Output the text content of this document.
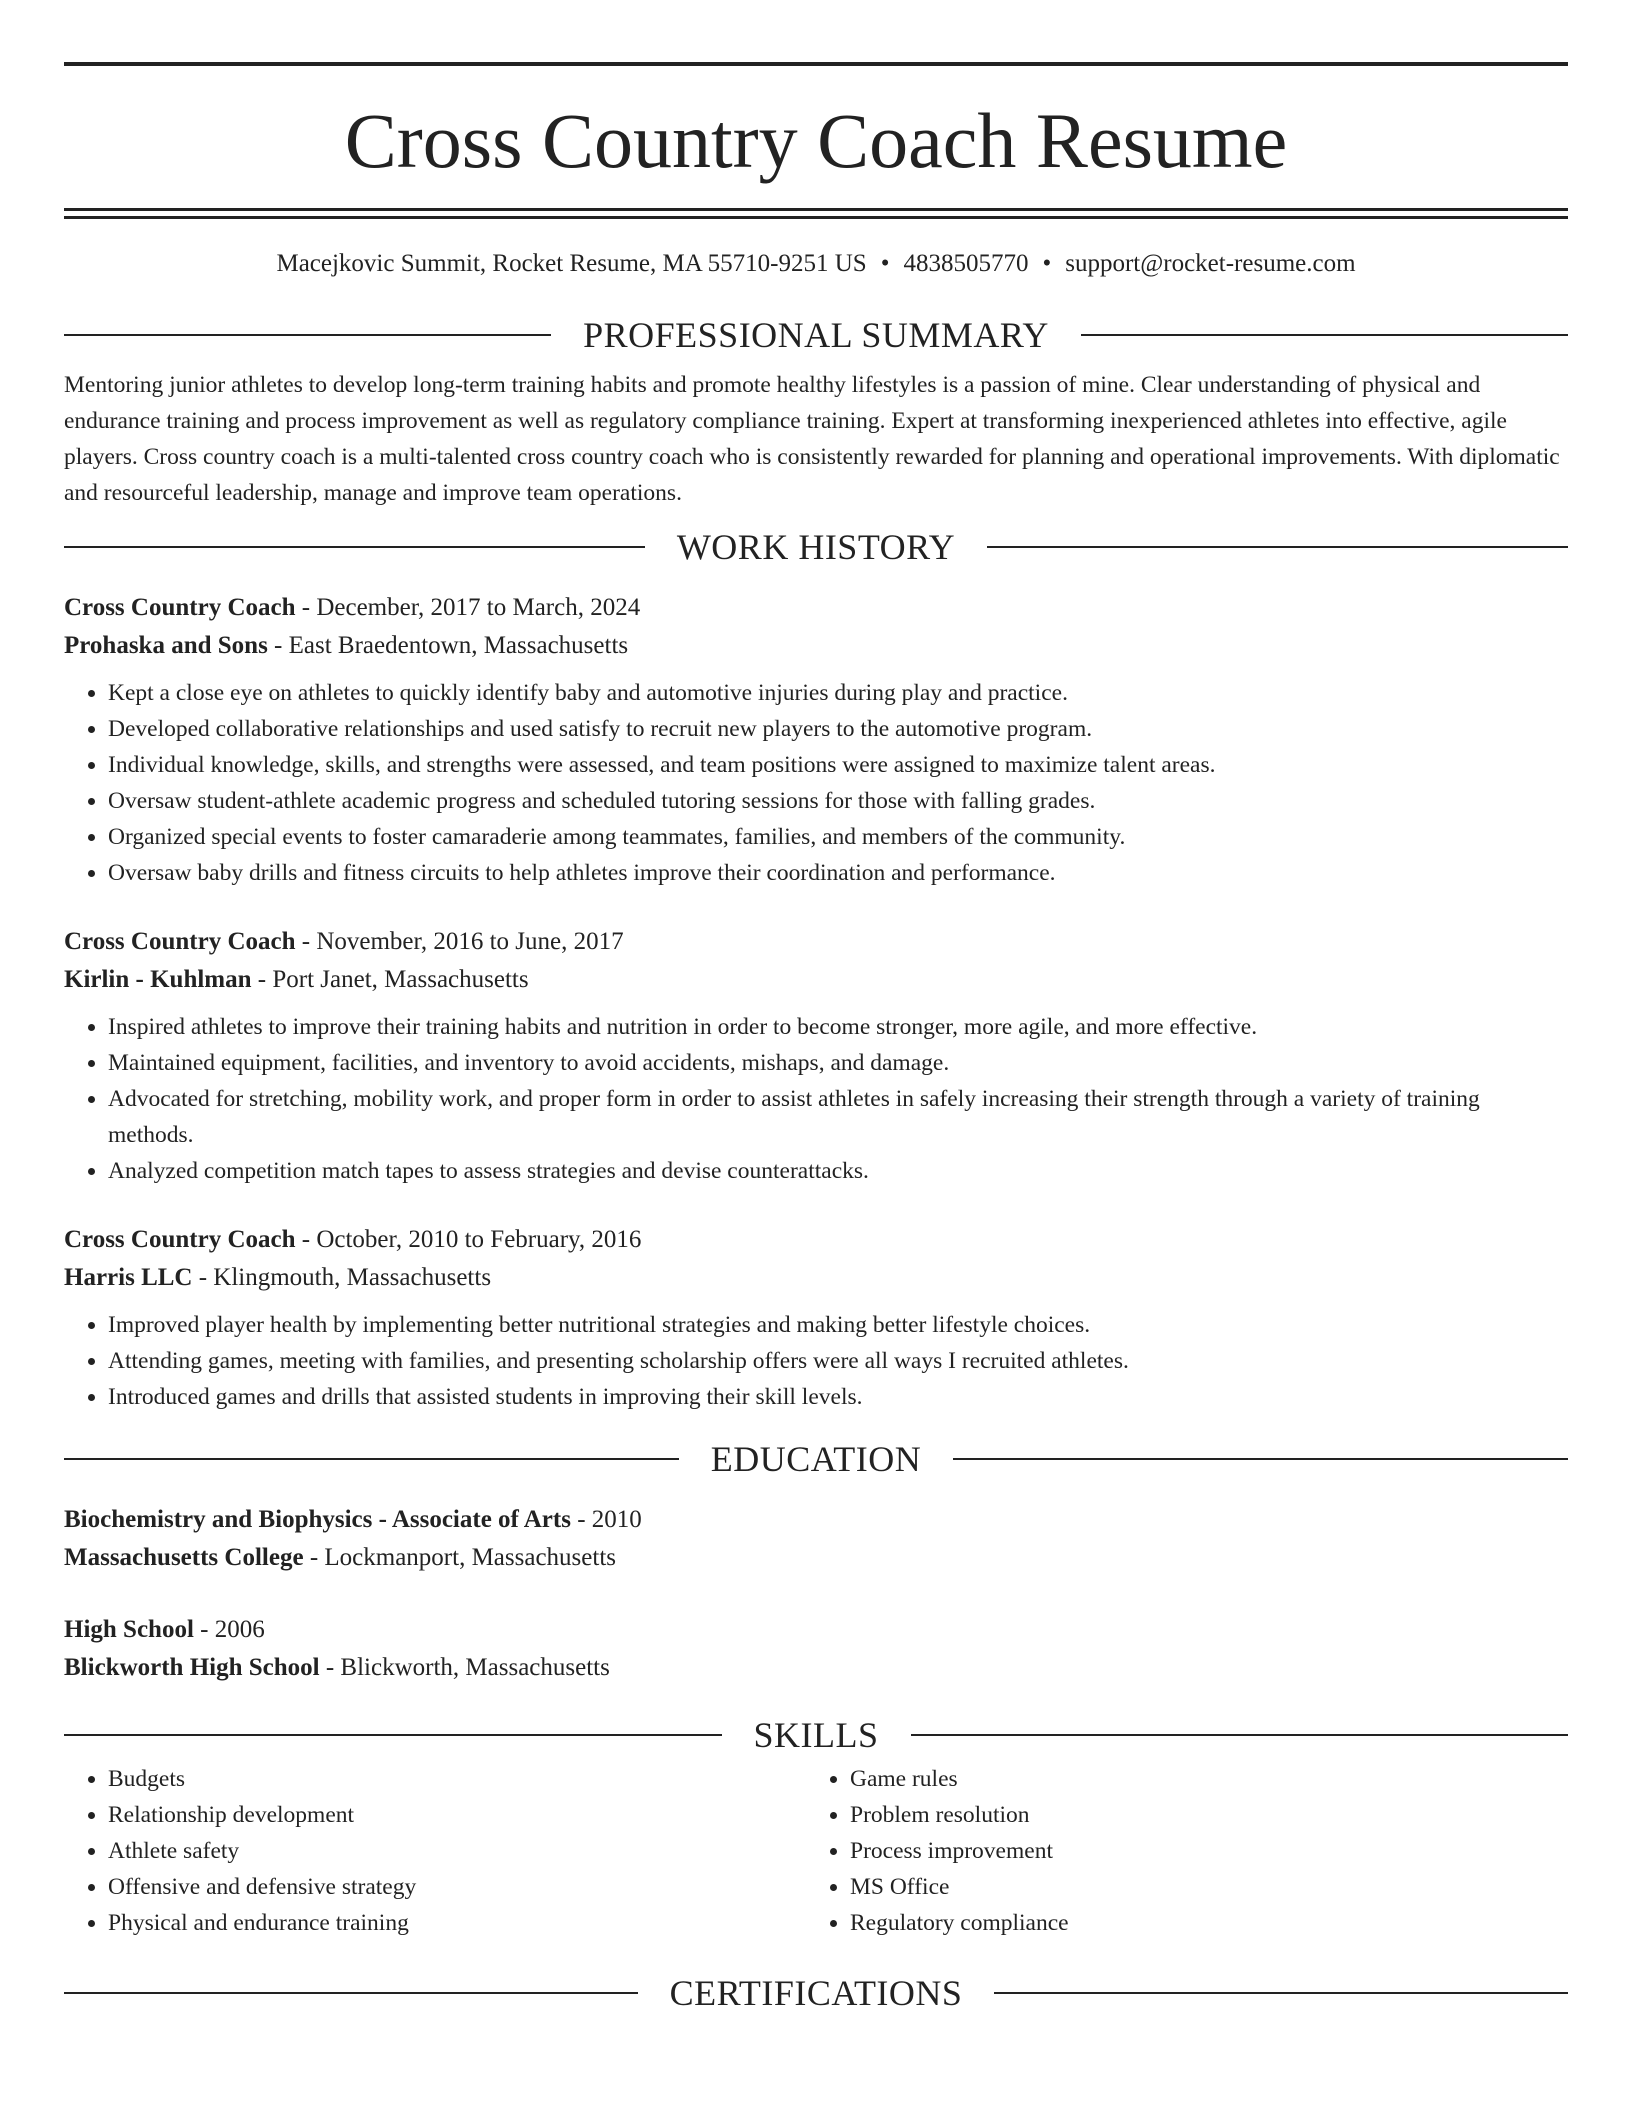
Cross Country Coach Resume
Macejkovic Summit, Rocket Resume, MA 55710-9251 US • 4838505770 • support@rocket-resume.com
PROFESSIONAL SUMMARY
Mentoring junior athletes to develop long-term training habits and promote healthy lifestyles is a passion of mine. Clear understanding of physical and endurance training and process improvement as well as regulatory compliance training. Expert at transforming inexperienced athletes into effective, agile players. Cross country coach is a multi-talented cross country coach who is consistently rewarded for planning and operational improvements. With diplomatic and resourceful leadership, manage and improve team operations.
WORK HISTORY
Cross Country Coach - December, 2017 to March, 2024
Prohaska and Sons - East Braedentown, Massachusetts
• Kept a close eye on athletes to quickly identify baby and automotive injuries during play and practice.
• Developed collaborative relationships and used satisfy to recruit new players to the automotive program.
• Individual knowledge, skills, and strengths were assessed, and team positions were assigned to maximize talent areas.
• Oversaw student-athlete academic progress and scheduled tutoring sessions for those with falling grades.
• Organized special events to foster camaraderie among teammates, families, and members of the community.
• Oversaw baby drills and fitness circuits to help athletes improve their coordination and performance.
Cross Country Coach - November, 2016 to June, 2017
Kirlin - Kuhlman - Port Janet, Massachusetts
• Inspired athletes to improve their training habits and nutrition in order to become stronger, more agile, and more effective.
• Maintained equipment, facilities, and inventory to avoid accidents, mishaps, and damage.
• Advocated for stretching, mobility work, and proper form in order to assist athletes in safely increasing their strength through a variety of training methods.
• Analyzed competition match tapes to assess strategies and devise counterattacks.
Cross Country Coach - October, 2010 to February, 2016
Harris LLC - Klingmouth, Massachusetts
• Improved player health by implementing better nutritional strategies and making better lifestyle choices.
• Attending games, meeting with families, and presenting scholarship offers were all ways I recruited athletes.
• Introduced games and drills that assisted students in improving their skill levels.
EDUCATION
Biochemistry and Biophysics - Associate of Arts - 2010
Massachusetts College - Lockmanport, Massachusetts
High School - 2006
Blickworth High School - Blickworth, Massachusetts
SKILLS
• Budgets
• Relationship development
• Athlete safety
• Offensive and defensive strategy
• Physical and endurance training
• Game rules
• Problem resolution
• Process improvement
• MS Office
• Regulatory compliance
CERTIFICATIONS
